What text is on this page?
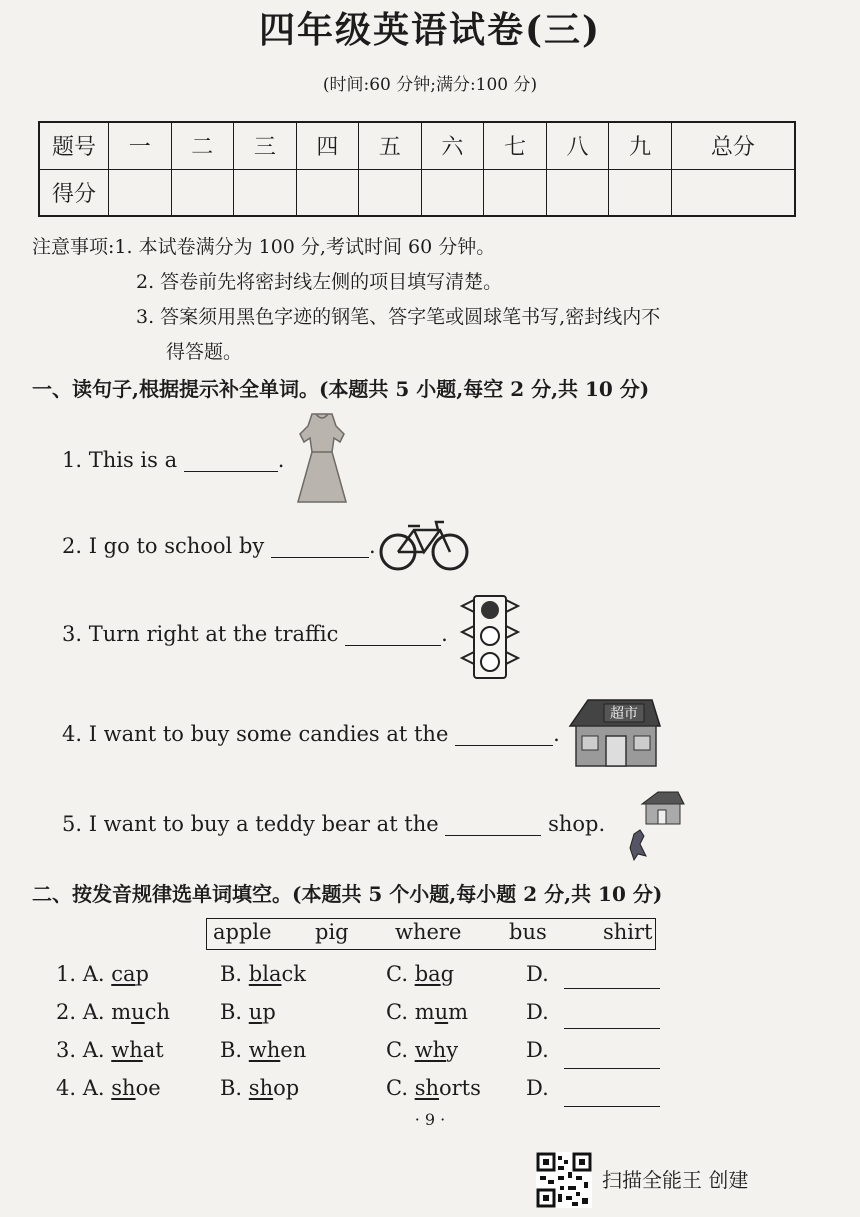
四年级英语试卷(三)
(时间:60 分钟;满分:100 分)
题号	一	二	三	四	五	六	七	八	九	总分
得分										
注意事项:1. 本试卷满分为 100 分,考试时间 60 分钟。
2. 答卷前先将密封线左侧的项目填写清楚。
3. 答案须用黑色字迹的钢笔、答字笔或圆球笔书写,密封线内不
得答题。
一、读句子,根据提示补全单词。(本题共 5 小题,每空 2 分,共 10 分)
1. This is a	.
2. I go to school by	.
3. Turn right at the traffic	.
4. I want to buy some candies at the	.
超市
5. I want to buy a teddy bear at the	shop.
二、按发音规律选单词填空。(本题共 5 个小题,每小题 2 分,共 10 分)
apple pig where bus	shirt
1. A. cap	B. black	C. bag	D.
2. A. much B. up	C. mum	D.
3. A. what	B. when	C. why	D.
4. A. shoe	B. shop	C. shorts D.
· 9 ·
扫描全能王 创建
